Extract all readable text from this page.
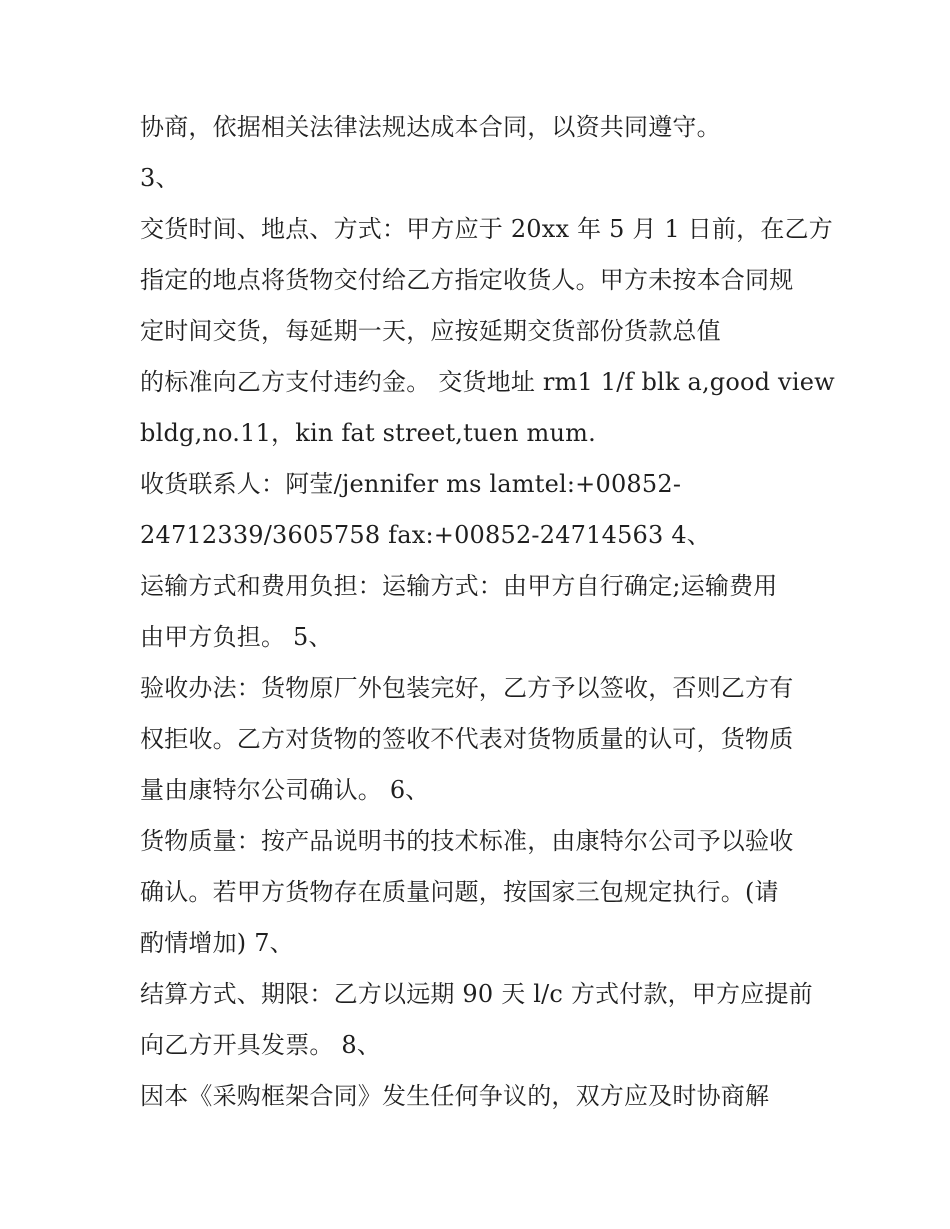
协商，依据相关法律法规达成本合同，以资共同遵守。
3、
交货时间、地点、方式：甲方应于 20xx 年 5 月 1 日前，在乙方
指定的地点将货物交付给乙方指定收货人。甲方未按本合同规
定时间交货，每延期一天，应按延期交货部份货款总值
的标准向乙方支付违约金。 交货地址 rm1 1/f blk a,good view
bldg,no.11，kin fat street,tuen mum.
收货联系人：阿莹/jennifer ms lamtel:+00852-
24712339/3605758 fax:+00852-24714563 4、
运输方式和费用负担：运输方式：由甲方自行确定;运输费用
由甲方负担。 5、
验收办法：货物原厂外包装完好，乙方予以签收，否则乙方有
权拒收。乙方对货物的签收不代表对货物质量的认可，货物质
量由康特尔公司确认。 6、
货物质量：按产品说明书的技术标准，由康特尔公司予以验收
确认。若甲方货物存在质量问题，按国家三包规定执行。(请
酌情增加) 7、
结算方式、期限：乙方以远期 90 天 l/c 方式付款，甲方应提前
向乙方开具发票。 8、
因本《采购框架合同》发生任何争议的，双方应及时协商解
